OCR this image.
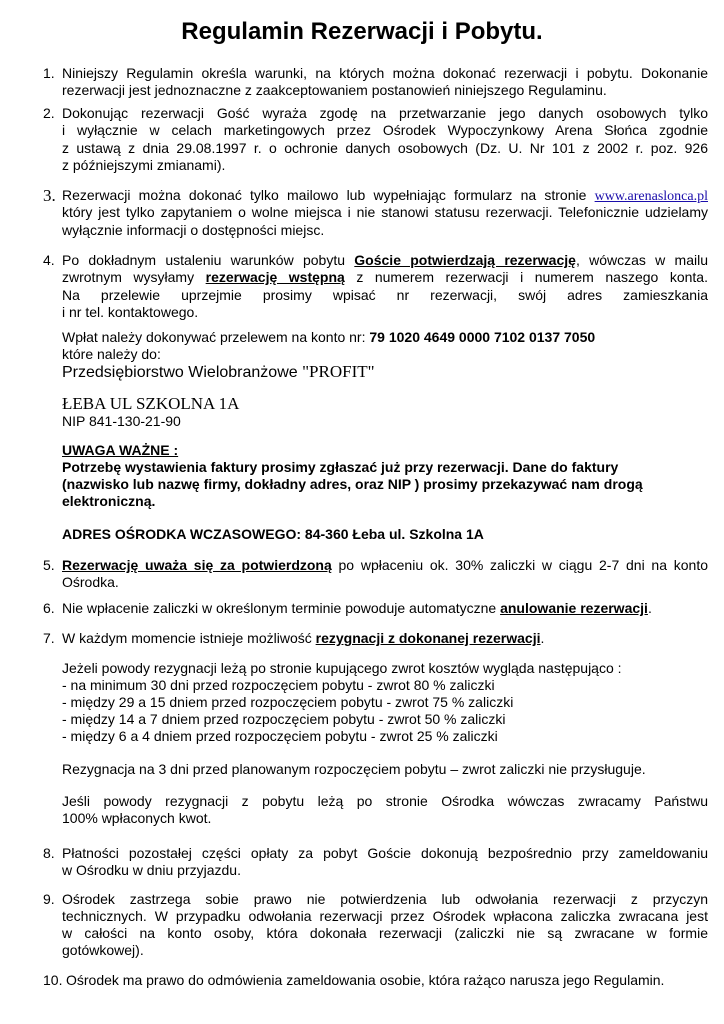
Regulamin Rezerwacji i Pobytu.
1. Niniejszy Regulamin określa warunki, na których można dokonać rezerwacji i pobytu. Dokonanie
rezerwacji jest jednoznaczne z zaakceptowaniem postanowień niniejszego Regulaminu.
2. Dokonując rezerwacji Gość wyraża zgodę na przetwarzanie jego danych osobowych tylko
i wyłącznie w celach marketingowych przez Ośrodek Wypoczynkowy Arena Słońca zgodnie
z ustawą z dnia 29.08.1997 r. o ochronie danych osobowych (Dz. U. Nr 101 z 2002 r. poz. 926
z późniejszymi zmianami).
3. Rezerwacji można dokonać tylko mailowo lub wypełniając formularz na stronie www.arenaslonca.pl
który jest tylko zapytaniem o wolne miejsca i nie stanowi statusu rezerwacji. Telefonicznie udzielamy
wyłącznie informacji o dostępności miejsc.
4. Po dokładnym ustaleniu warunków pobytu Goście potwierdzają rezerwację, wówczas w mailu
zwrotnym wysyłamy rezerwację wstępną z numerem rezerwacji i numerem naszego konta.
Na przelewie uprzejmie prosimy wpisać nr rezerwacji, swój adres zamieszkania
i nr tel. kontaktowego.
Wpłat należy dokonywać przelewem na konto nr: 79 1020 4649 0000 7102 0137 7050
które należy do:
Przedsiębiorstwo Wielobranżowe "PROFIT"
ŁEBA UL SZKOLNA 1A
NIP 841-130-21-90
UWAGA WAŻNE :
Potrzebę wystawienia faktury prosimy zgłaszać już przy rezerwacji. Dane do faktury
(nazwisko lub nazwę firmy, dokładny adres, oraz NIP ) prosimy przekazywać nam drogą
elektroniczną.
ADRES OŚRODKA WCZASOWEGO: 84-360 Łeba ul. Szkolna 1A
5. Rezerwację uważa się za potwierdzoną po wpłaceniu ok. 30% zaliczki w ciągu 2-7 dni na konto
Ośrodka.
6. Nie wpłacenie zaliczki w określonym terminie powoduje automatyczne anulowanie rezerwacji.
7. W każdym momencie istnieje możliwość rezygnacji z dokonanej rezerwacji.
Jeżeli powody rezygnacji leżą po stronie kupującego zwrot kosztów wygląda następująco :
- na minimum 30 dni przed rozpoczęciem pobytu - zwrot 80 % zaliczki
- między 29 a 15 dniem przed rozpoczęciem pobytu - zwrot 75 % zaliczki
- między 14 a 7 dniem przed rozpoczęciem pobytu - zwrot 50 % zaliczki
- między 6 a 4 dniem przed rozpoczęciem pobytu - zwrot 25 % zaliczki
Rezygnacja na 3 dni przed planowanym rozpoczęciem pobytu – zwrot zaliczki nie przysługuje.
Jeśli powody rezygnacji z pobytu leżą po stronie Ośrodka wówczas zwracamy Państwu
100% wpłaconych kwot.
8. Płatności pozostałej części opłaty za pobyt Goście dokonują bezpośrednio przy zameldowaniu
w Ośrodku w dniu przyjazdu.
9. Ośrodek zastrzega sobie prawo nie potwierdzenia lub odwołania rezerwacji z przyczyn
technicznych. W przypadku odwołania rezerwacji przez Ośrodek wpłacona zaliczka zwracana jest
w całości na konto osoby, która dokonała rezerwacji (zaliczki nie są zwracane w formie
gotówkowej).
10. Ośrodek ma prawo do odmówienia zameldowania osobie, która rażąco narusza jego Regulamin.
